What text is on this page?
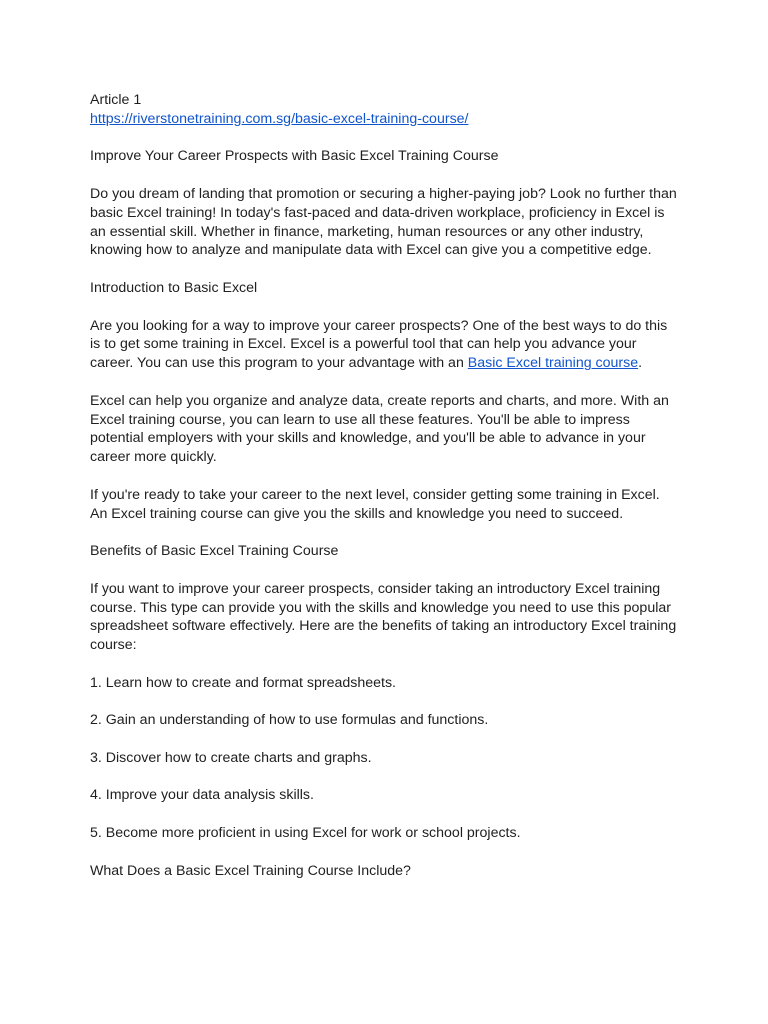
Article 1

https://riverstonetraining.com.sg/basic-excel-training-course/

Improve Your Career Prospects with Basic Excel Training Course

Do you dream of landing that promotion or securing a higher-paying job? Look no further than basic Excel training! In today's fast-paced and data-driven workplace, proficiency in Excel is an essential skill. Whether in finance, marketing, human resources or any other industry, knowing how to analyze and manipulate data with Excel can give you a competitive edge.

Introduction to Basic Excel

Are you looking for a way to improve your career prospects? One of the best ways to do this is to get some training in Excel. Excel is a powerful tool that can help you advance your career. You can use this program to your advantage with an Basic Excel training course.

Excel can help you organize and analyze data, create reports and charts, and more. With an Excel training course, you can learn to use all these features. You'll be able to impress potential employers with your skills and knowledge, and you'll be able to advance in your career more quickly.

If you're ready to take your career to the next level, consider getting some training in Excel. An Excel training course can give you the skills and knowledge you need to succeed.

Benefits of Basic Excel Training Course

If you want to improve your career prospects, consider taking an introductory Excel training course. This type can provide you with the skills and knowledge you need to use this popular spreadsheet software effectively. Here are the benefits of taking an introductory Excel training course:

1. Learn how to create and format spreadsheets.

2. Gain an understanding of how to use formulas and functions.

3. Discover how to create charts and graphs.

4. Improve your data analysis skills.

5. Become more proficient in using Excel for work or school projects.

What Does a Basic Excel Training Course Include?
